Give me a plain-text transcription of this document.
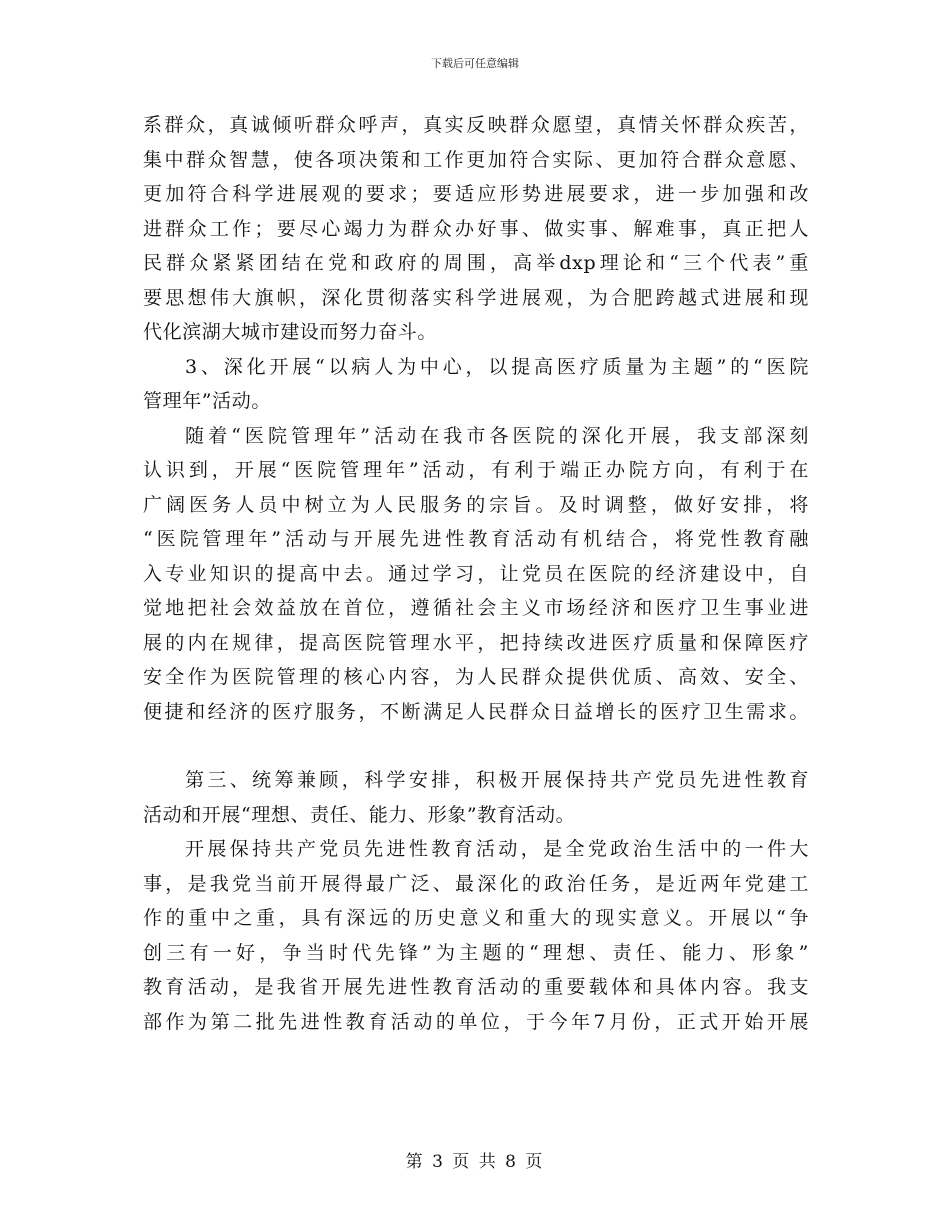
下载后可任意编辑
系群众，真诚倾听群众呼声，真实反映群众愿望，真情关怀群众疾苦，
集中群众智慧，使各项决策和工作更加符合实际、更加符合群众意愿、
更加符合科学进展观的要求；要适应形势进展要求，进一步加强和改
进群众工作；要尽心竭力为群众办好事、做实事、解难事，真正把人
民群众紧紧团结在党和政府的周围，高举dxp理论和“三个代表”重
要思想伟大旗帜，深化贯彻落实科学进展观，为合肥跨越式进展和现
代化滨湖大城市建设而努力奋斗。
3、深化开展“以病人为中心，以提高医疗质量为主题”的“医院
管理年”活动。
随着“医院管理年”活动在我市各医院的深化开展，我支部深刻
认识到，开展“医院管理年”活动，有利于端正办院方向，有利于在
广阔医务人员中树立为人民服务的宗旨。及时调整，做好安排，将
“医院管理年”活动与开展先进性教育活动有机结合，将党性教育融
入专业知识的提高中去。通过学习，让党员在医院的经济建设中，自
觉地把社会效益放在首位，遵循社会主义市场经济和医疗卫生事业进
展的内在规律，提高医院管理水平，把持续改进医疗质量和保障医疗
安全作为医院管理的核心内容，为人民群众提供优质、高效、安全、
便捷和经济的医疗服务，不断满足人民群众日益增长的医疗卫生需求。
第三、统筹兼顾，科学安排，积极开展保持共产党员先进性教育
活动和开展“理想、责任、能力、形象”教育活动。
开展保持共产党员先进性教育活动，是全党政治生活中的一件大
事，是我党当前开展得最广泛、最深化的政治任务，是近两年党建工
作的重中之重，具有深远的历史意义和重大的现实意义。开展以“争
创三有一好，争当时代先锋”为主题的“理想、责任、能力、形象”
教育活动，是我省开展先进性教育活动的重要载体和具体内容。我支
部作为第二批先进性教育活动的单位，于今年7月份，正式开始开展
第 3 页 共 8 页
